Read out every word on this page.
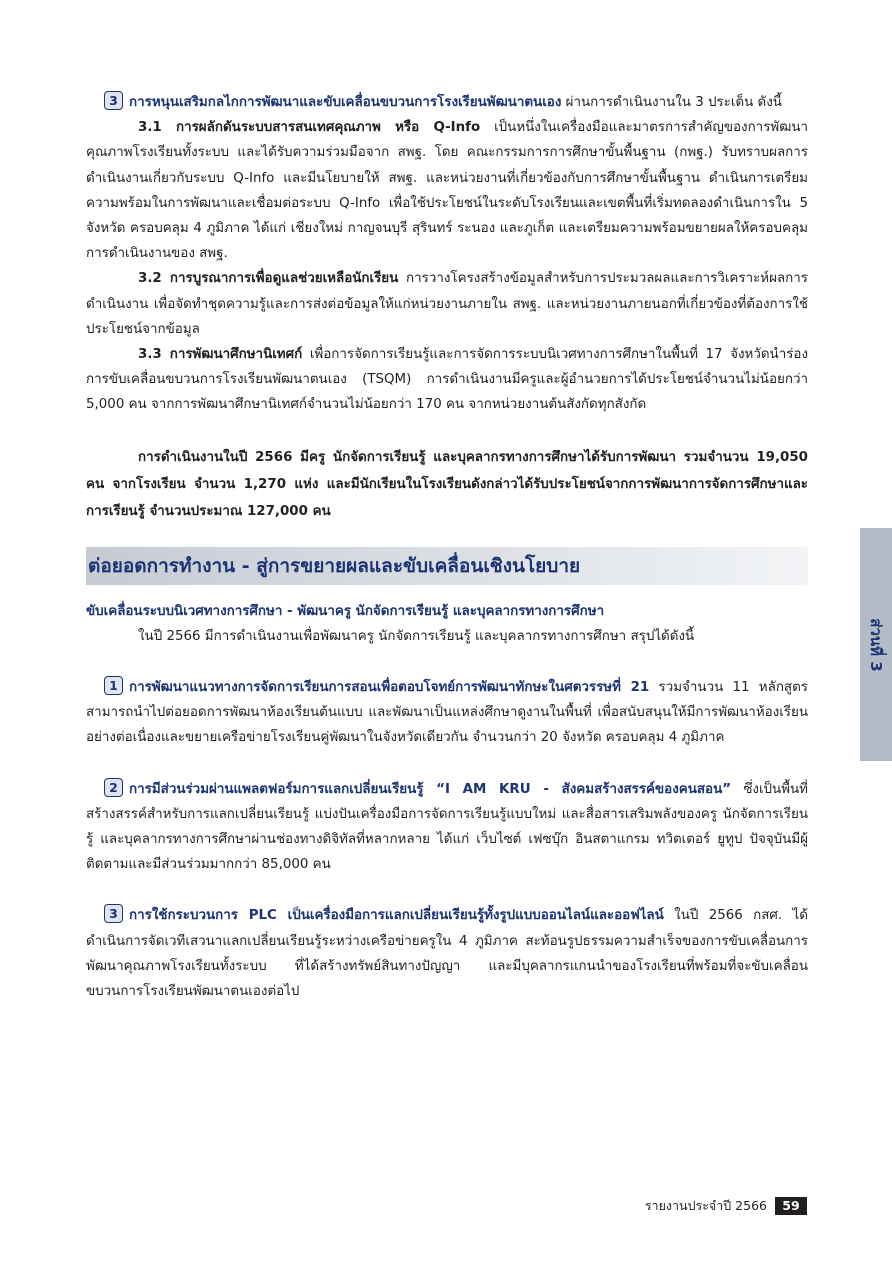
3 การหนุนเสริมกลไกการพัฒนาและขับเคลื่อนขบวนการโรงเรียนพัฒนาตนเอง ผ่านการดำเนินงานใน 3 ประเด็น ดังนี้

3.1 การผลักดันระบบสารสนเทศคุณภาพ หรือ Q-Info เป็นหนึ่งในเครื่องมือและมาตรการสำคัญของการพัฒนาคุณภาพโรงเรียนทั้งระบบ และได้รับความร่วมมือจาก สพฐ. โดย คณะกรรมการการศึกษาขั้นพื้นฐาน (กพฐ.) รับทราบผลการดำเนินงานเกี่ยวกับระบบ Q-Info และมีนโยบายให้ สพฐ. และหน่วยงานที่เกี่ยวข้องกับการศึกษาขั้นพื้นฐาน ดำเนินการเตรียมความพร้อมในการพัฒนาและเชื่อมต่อระบบ Q-Info เพื่อใช้ประโยชน์ในระดับโรงเรียนและเขตพื้นที่เริ่มทดลองดำเนินการใน 5 จังหวัด ครอบคลุม 4 ภูมิภาค ได้แก่ เชียงใหม่ กาญจนบุรี สุรินทร์ ระนอง และภูเก็ต และเตรียมความพร้อมขยายผลให้ครอบคลุมการดำเนินงานของ สพฐ.

3.2 การบูรณาการเพื่อดูแลช่วยเหลือนักเรียน การวางโครงสร้างข้อมูลสำหรับการประมวลผลและการวิเคราะห์ผลการดำเนินงาน เพื่อจัดทำชุดความรู้และการส่งต่อข้อมูลให้แก่หน่วยงานภายใน สพฐ. และหน่วยงานภายนอกที่เกี่ยวข้องที่ต้องการใช้ประโยชน์จากข้อมูล

3.3 การพัฒนาศึกษานิเทศก์ เพื่อการจัดการเรียนรู้และการจัดการระบบนิเวศทางการศึกษาในพื้นที่ 17 จังหวัดนำร่องการขับเคลื่อนขบวนการโรงเรียนพัฒนาตนเอง (TSQM) การดำเนินงานมีครูและผู้อำนวยการได้ประโยชน์จำนวนไม่น้อยกว่า 5,000 คน จากการพัฒนาศึกษานิเทศก์จำนวนไม่น้อยกว่า 170 คน จากหน่วยงานต้นสังกัดทุกสังกัด

การดำเนินงานในปี 2566 มีครู นักจัดการเรียนรู้ และบุคลากรทางการศึกษาได้รับการพัฒนา รวมจำนวน 19,050 คน จากโรงเรียน จำนวน 1,270 แห่ง และมีนักเรียนในโรงเรียนดังกล่าวได้รับประโยชน์จากการพัฒนาการจัดการศึกษาและการเรียนรู้ จำนวนประมาณ 127,000 คน

ต่อยอดการทำงาน - สู่การขยายผลและขับเคลื่อนเชิงนโยบาย

ขับเคลื่อนระบบนิเวศทางการศึกษา - พัฒนาครู นักจัดการเรียนรู้ และบุคลากรทางการศึกษา

ในปี 2566 มีการดำเนินงานเพื่อพัฒนาครู นักจัดการเรียนรู้ และบุคลากรทางการศึกษา สรุปได้ดังนี้

1 การพัฒนาแนวทางการจัดการเรียนการสอนเพื่อตอบโจทย์การพัฒนาทักษะในศตวรรษที่ 21 รวมจำนวน 11 หลักสูตร สามารถนำไปต่อยอดการพัฒนาห้องเรียนต้นแบบ และพัฒนาเป็นแหล่งศึกษาดูงานในพื้นที่ เพื่อสนับสนุนให้มีการพัฒนาห้องเรียนอย่างต่อเนื่องและขยายเครือข่ายโรงเรียนคู่พัฒนาในจังหวัดเดียวกัน จำนวนกว่า 20 จังหวัด ครอบคลุม 4 ภูมิภาค

2 การมีส่วนร่วมผ่านแพลตฟอร์มการแลกเปลี่ยนเรียนรู้ “I AM KRU - สังคมสร้างสรรค์ของคนสอน” ซึ่งเป็นพื้นที่สร้างสรรค์สำหรับการแลกเปลี่ยนเรียนรู้ แบ่งปันเครื่องมือการจัดการเรียนรู้แบบใหม่ และสื่อสารเสริมพลังของครู นักจัดการเรียนรู้ และบุคลากรทางการศึกษาผ่านช่องทางดิจิทัลที่หลากหลาย ได้แก่ เว็บไซต์ เฟซบุ๊ก อินสตาแกรม ทวิตเตอร์ ยูทูป ปัจจุบันมีผู้ติดตามและมีส่วนร่วมมากกว่า 85,000 คน

3 การใช้กระบวนการ PLC เป็นเครื่องมือการแลกเปลี่ยนเรียนรู้ทั้งรูปแบบออนไลน์และออฟไลน์ ในปี 2566 กสศ. ได้ดำเนินการจัดเวทีเสวนาแลกเปลี่ยนเรียนรู้ระหว่างเครือข่ายครูใน 4 ภูมิภาค สะท้อนรูปธรรมความสำเร็จของการขับเคลื่อนการพัฒนาคุณภาพโรงเรียนทั้งระบบ ที่ได้สร้างทรัพย์สินทางปัญญา และมีบุคลากรแกนนำของโรงเรียนที่พร้อมที่จะขับเคลื่อนขบวนการโรงเรียนพัฒนาตนเองต่อไป

ส่วนที่ 3
รายงานประจำปี 2566 59
